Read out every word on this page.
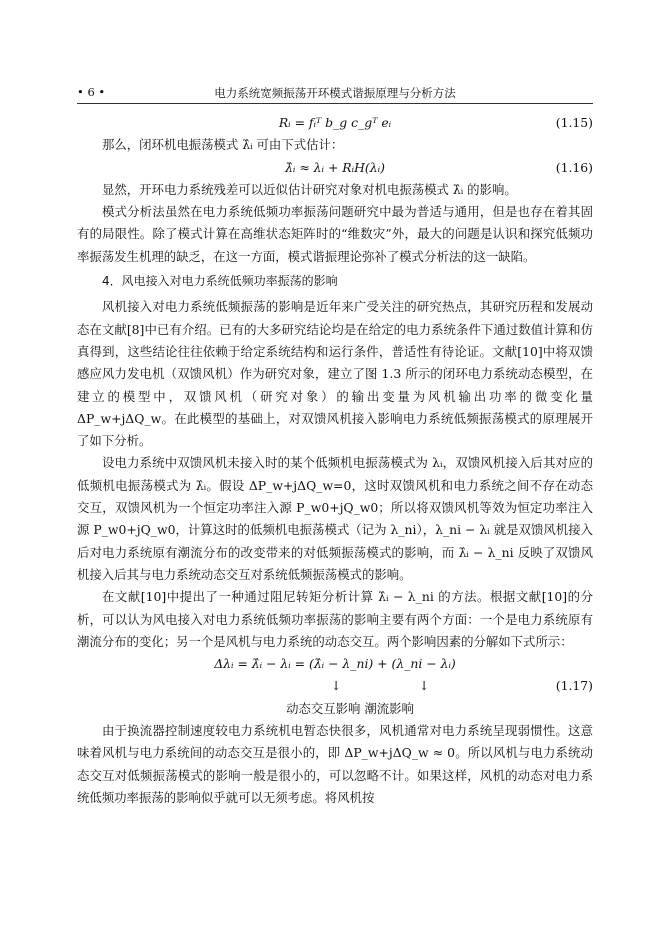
• 6 •	电力系统宽频振荡开环模式谐振原理与分析方法
Rᵢ = fᵢᵀ b_g c_gᵀ eᵢ	(1.15)

那么，闭环机电振荡模式 λ̂ᵢ 可由下式估计：

λ̂ᵢ ≈ λᵢ + RᵢH(λᵢ)	(1.16)

显然，开环电力系统残差可以近似估计研究对象对机电振荡模式 λ̂ᵢ 的影响。

模式分析法虽然在电力系统低频功率振荡问题研究中最为普适与通用，但是也存在着其固有的局限性。除了模式计算在高维状态矩阵时的“维数灾”外，最大的问题是认识和探究低频功率振荡发生机理的缺乏，在这一方面，模式谐振理论弥补了模式分析法的这一缺陷。

4．风电接入对电力系统低频功率振荡的影响

风机接入对电力系统低频振荡的影响是近年来广受关注的研究热点，其研究历程和发展动态在文献[8]中已有介绍。已有的大多研究结论均是在给定的电力系统条件下通过数值计算和仿真得到，这些结论往往依赖于给定系统结构和运行条件，普适性有待论证。文献[10]中将双馈感应风力发电机（双馈风机）作为研究对象，建立了图 1.3 所示的闭环电力系统动态模型，在建立的模型中，双馈风机（研究对象）的输出变量为风机输出功率的微变化量 ΔP_w+jΔQ_w。在此模型的基础上，对双馈风机接入影响电力系统低频振荡模式的原理展开了如下分析。

设电力系统中双馈风机未接入时的某个低频机电振荡模式为 λᵢ，双馈风机接入后其对应的低频机电振荡模式为 λ̂ᵢ。假设 ΔP_w+jΔQ_w=0，这时双馈风机和电力系统之间不存在动态交互，双馈风机为一个恒定功率注入源 P_w0+jQ_w0；所以将双馈风机等效为恒定功率注入源 P_w0+jQ_w0，计算这时的低频机电振荡模式（记为 λ_ni），λ_ni − λᵢ 就是双馈风机接入后对电力系统原有潮流分布的改变带来的对低频振荡模式的影响，而 λ̂ᵢ − λ_ni 反映了双馈风机接入后其与电力系统动态交互对系统低频振荡模式的影响。

在文献[10]中提出了一种通过阻尼转矩分析计算 λ̂ᵢ − λ_ni 的方法。根据文献[10]的分析，可以认为风电接入对电力系统低频功率振荡的影响主要有两个方面：一个是电力系统原有潮流分布的变化；另一个是风机与电力系统的动态交互。两个影响因素的分解如下式所示：

Δλᵢ = λ̂ᵢ − λᵢ = (λ̂ᵢ − λ_ni) + (λ_ni − λᵢ)
↓	↓	(1.17)
动态交互影响 潮流影响

由于换流器控制速度较电力系统机电暂态快很多，风机通常对电力系统呈现弱惯性。这意味着风机与电力系统间的动态交互是很小的，即 ΔP_w+jΔQ_w ≈ 0。所以风机与电力系统动态交互对低频振荡模式的影响一般是很小的，可以忽略不计。如果这样，风机的动态对电力系统低频功率振荡的影响似乎就可以无须考虑。将风机按
